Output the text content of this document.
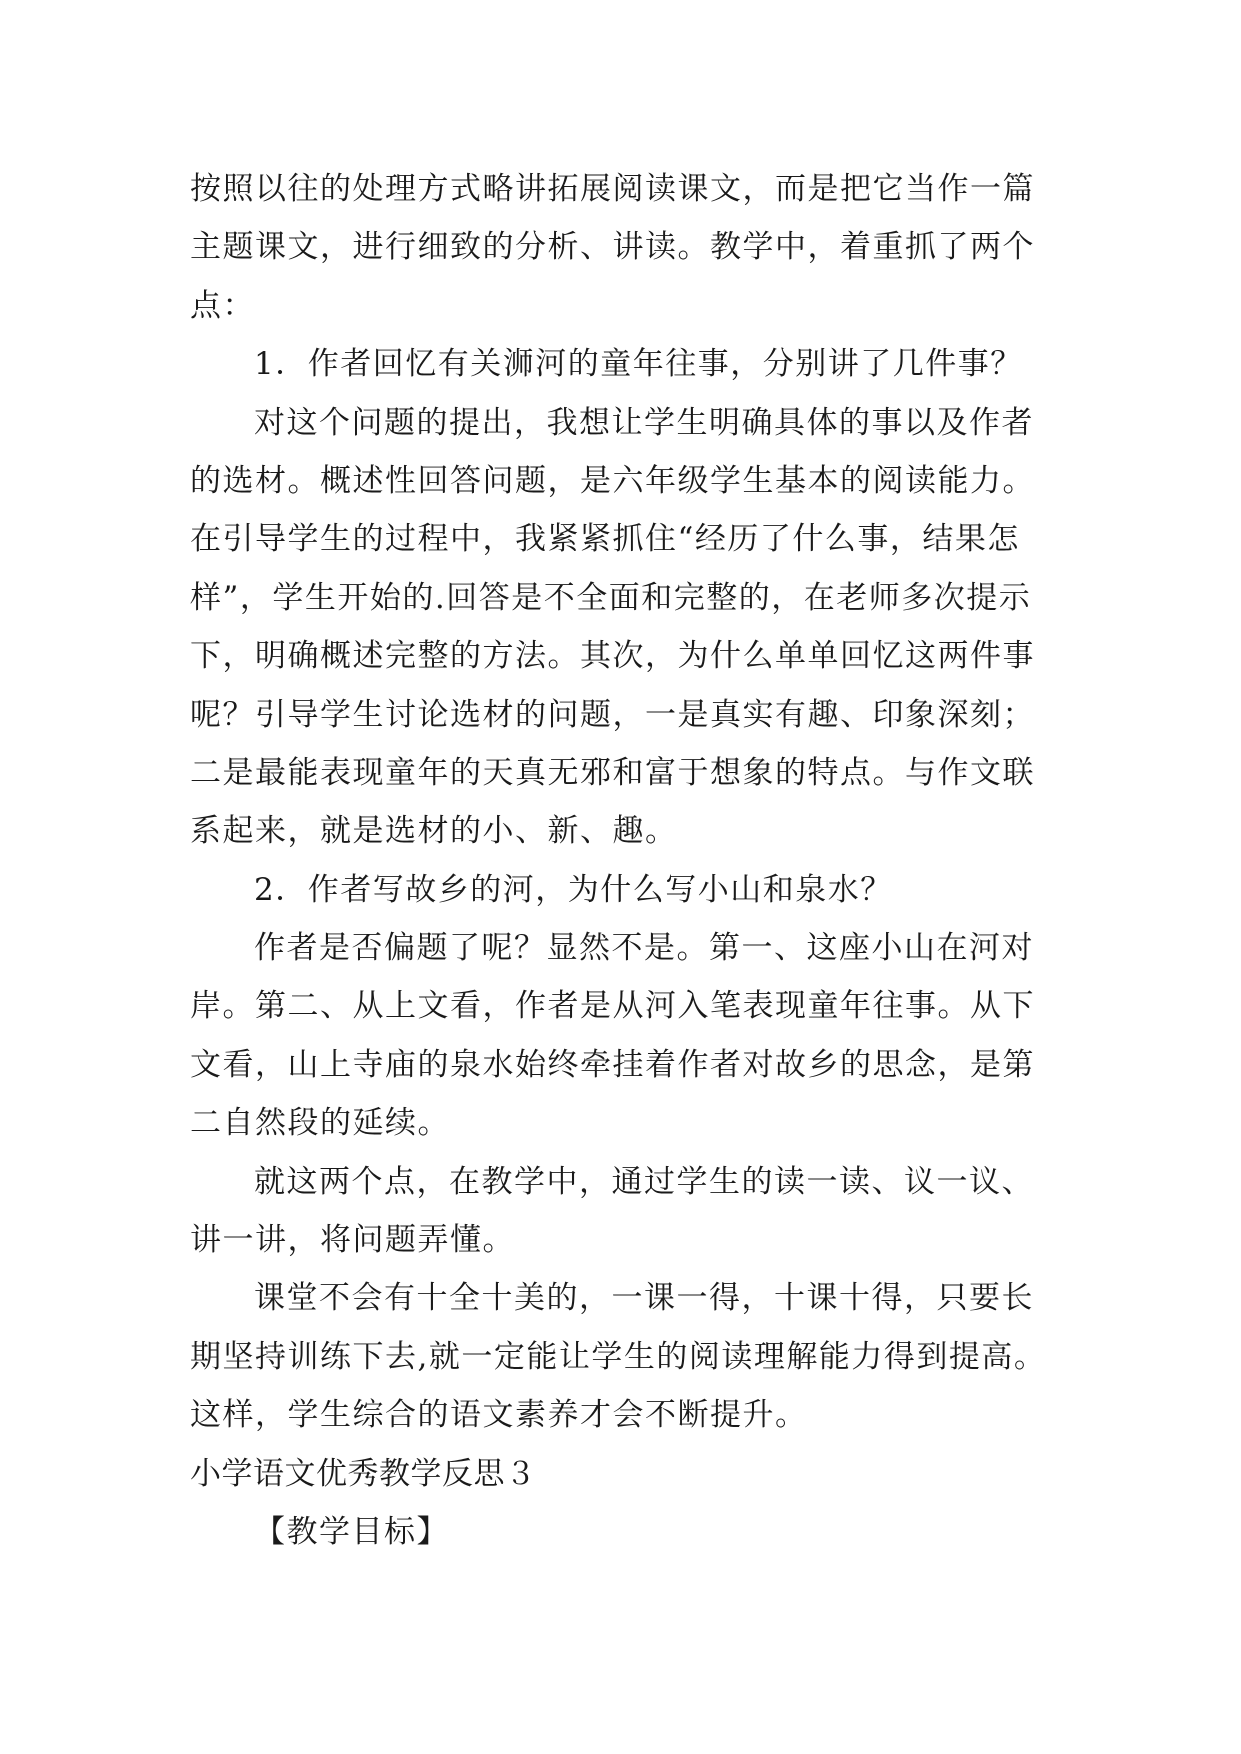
按照以往的处理方式略讲拓展阅读课文，而是把它当作一篇
主题课文，进行细致的分析、讲读。教学中，着重抓了两个
点：
1．作者回忆有关浉河的童年往事，分别讲了几件事？
对这个问题的提出，我想让学生明确具体的事以及作者
的选材。概述性回答问题，是六年级学生基本的阅读能力。
在引导学生的过程中，我紧紧抓住“经历了什么事，结果怎
样”，学生开始的.回答是不全面和完整的，在老师多次提示
下，明确概述完整的方法。其次，为什么单单回忆这两件事
呢？引导学生讨论选材的问题，一是真实有趣、印象深刻；
二是最能表现童年的天真无邪和富于想象的特点。与作文联
系起来，就是选材的小、新、趣。
2．作者写故乡的河，为什么写小山和泉水？
作者是否偏题了呢？显然不是。第一、这座小山在河对
岸。第二、从上文看，作者是从河入笔表现童年往事。从下
文看，山上寺庙的泉水始终牵挂着作者对故乡的思念，是第
二自然段的延续。
就这两个点，在教学中，通过学生的读一读、议一议、
讲一讲，将问题弄懂。
课堂不会有十全十美的，一课一得，十课十得，只要长
期坚持训练下去,就一定能让学生的阅读理解能力得到提高。
这样，学生综合的语文素养才会不断提升。
小学语文优秀教学反思３
【教学目标】
